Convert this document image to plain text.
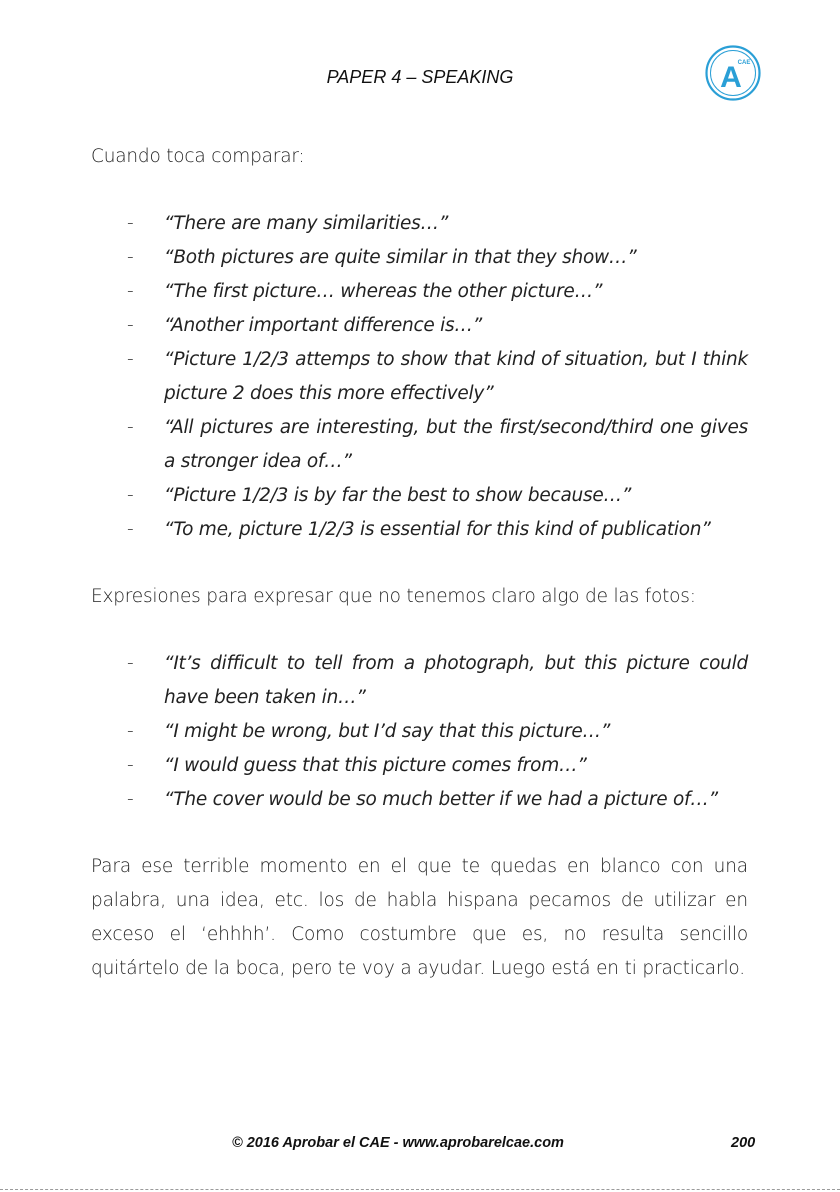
PAPER 4 – SPEAKING	A
CAE

Cuando toca comparar:

- “There are many similarities…”
- “Both pictures are quite similar in that they show…”
- “The first picture… whereas the other picture…”
- “Another important difference is…”
- “Picture 1/2/3 attemps to show that kind of situation, but I think picture 2 does this more effectively”
- “All pictures are interesting, but the first/second/third one gives a stronger idea of…”
- “Picture 1/2/3 is by far the best to show because…”
- “To me, picture 1/2/3 is essential for this kind of publication”

Expresiones para expresar que no tenemos claro algo de las fotos:

- “It’s difficult to tell from a photograph, but this picture could have been taken in…”
- “I might be wrong, but I’d say that this picture…”
- “I would guess that this picture comes from…”
- “The cover would be so much better if we had a picture of…”

Para ese terrible momento en el que te quedas en blanco con una palabra, una idea, etc. los de habla hispana pecamos de utilizar en exceso el ‘ehhhh’. Como costumbre que es, no resulta sencillo quitártelo de la boca, pero te voy a ayudar. Luego está en ti practicarlo.

© 2016 Aprobar el CAE - www.aprobarelcae.com	200
